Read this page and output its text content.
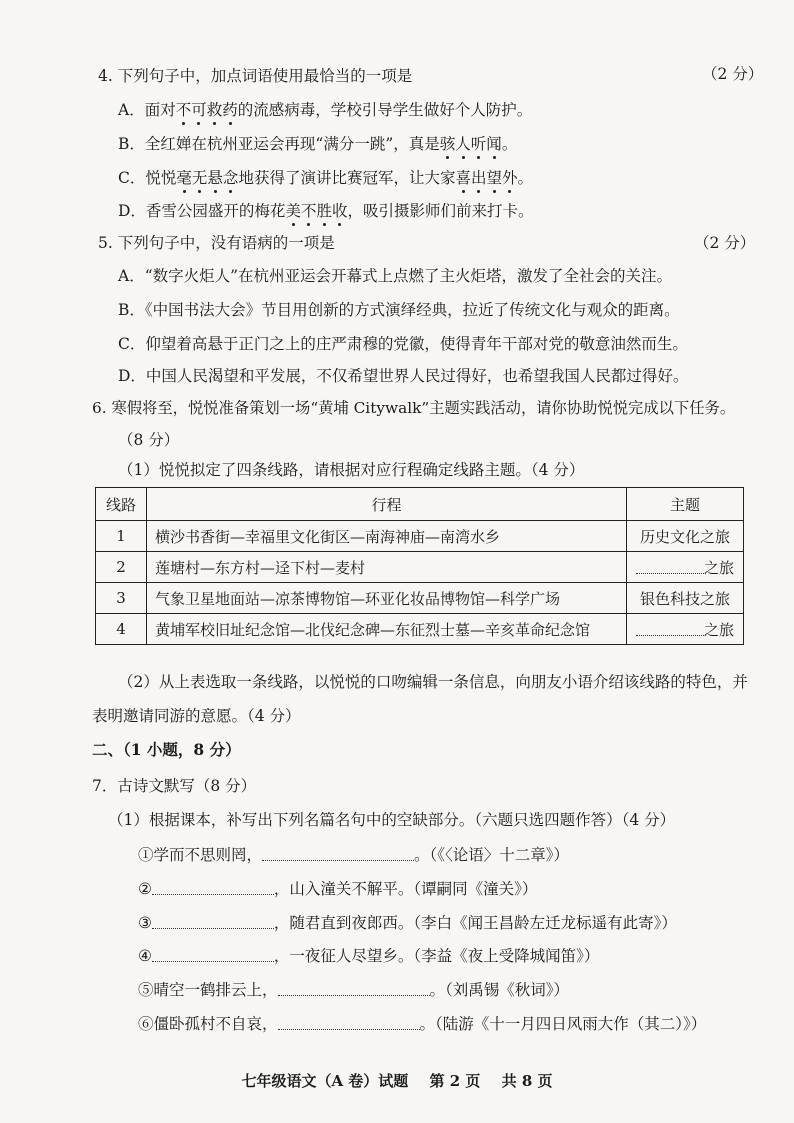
4. 下列句子中，加点词语使用最恰当的一项是	（2 分）
A．面对不可救药的流感病毒，学校引导学生做好个人防护。
B．全红婵在杭州亚运会再现“满分一跳”，真是骇人听闻。
C．悦悦毫无悬念地获得了演讲比赛冠军，让大家喜出望外。
D．香雪公园盛开的梅花美不胜收，吸引摄影师们前来打卡。
5. 下列句子中，没有语病的一项是	（2 分）
A．“数字火炬人”在杭州亚运会开幕式上点燃了主火炬塔，激发了全社会的关注。
B．《中国书法大会》节目用创新的方式演绎经典，拉近了传统文化与观众的距离。
C．仰望着高悬于正门之上的庄严肃穆的党徽，使得青年干部对党的敬意油然而生。
D．中国人民渴望和平发展，不仅希望世界人民过得好，也希望我国人民都过得好。
6. 寒假将至，悦悦准备策划一场“黄埔 Citywalk”主题实践活动，请你协助悦悦完成以下任务。
（8 分）
（1）悦悦拟定了四条线路，请根据对应行程确定线路主题。（4 分）
线路	行程	主题
1	横沙书香街—幸福里文化街区—南海神庙—南湾水乡	历史文化之旅
2	莲塘村—东方村—迳下村—麦村	之旅
3	气象卫星地面站—凉茶博物馆—环亚化妆品博物馆—科学广场	银色科技之旅
4	黄埔军校旧址纪念馆—北伐纪念碑—东征烈士墓—辛亥革命纪念馆	之旅
（2）从上表选取一条线路，以悦悦的口吻编辑一条信息，向朋友小语介绍该线路的特色，并
表明邀请同游的意愿。（4 分）
二、（1 小题，8 分）
7．古诗文默写（8 分）
（1）根据课本，补写出下列名篇名句中的空缺部分。（六题只选四题作答）（4 分）
①学而不思则罔，	。（《〈论语〉十二章》）
②	，山入潼关不解平。（谭嗣同《潼关》）
③	，随君直到夜郎西。（李白《闻王昌龄左迁龙标遥有此寄》）
④	，一夜征人尽望乡。（李益《夜上受降城闻笛》）
⑤晴空一鹤排云上，	。（刘禹锡《秋词》）
⑥僵卧孤村不自哀，	。（陆游《十一月四日风雨大作（其二）》）
七年级语文（A 卷）试题 第 2 页 共 8 页
